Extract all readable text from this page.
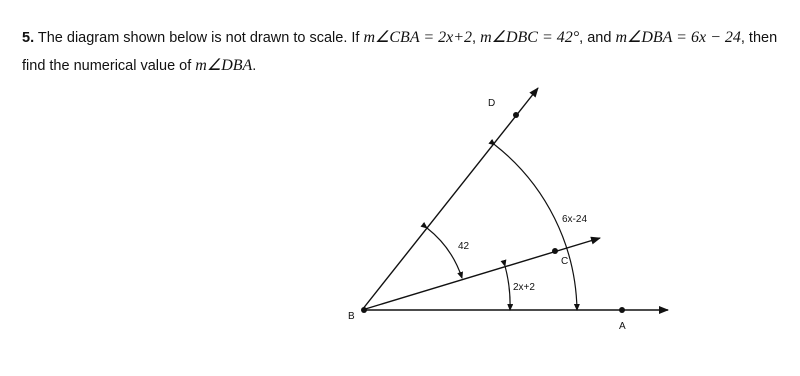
5. The diagram shown below is not drawn to scale. If m∠CBA = 2x+2, m∠DBC = 42°, and m∠DBA = 6x − 24, then
find the numerical value of m∠DBA.
D
C
A
B
6x-24
42
2x+2
